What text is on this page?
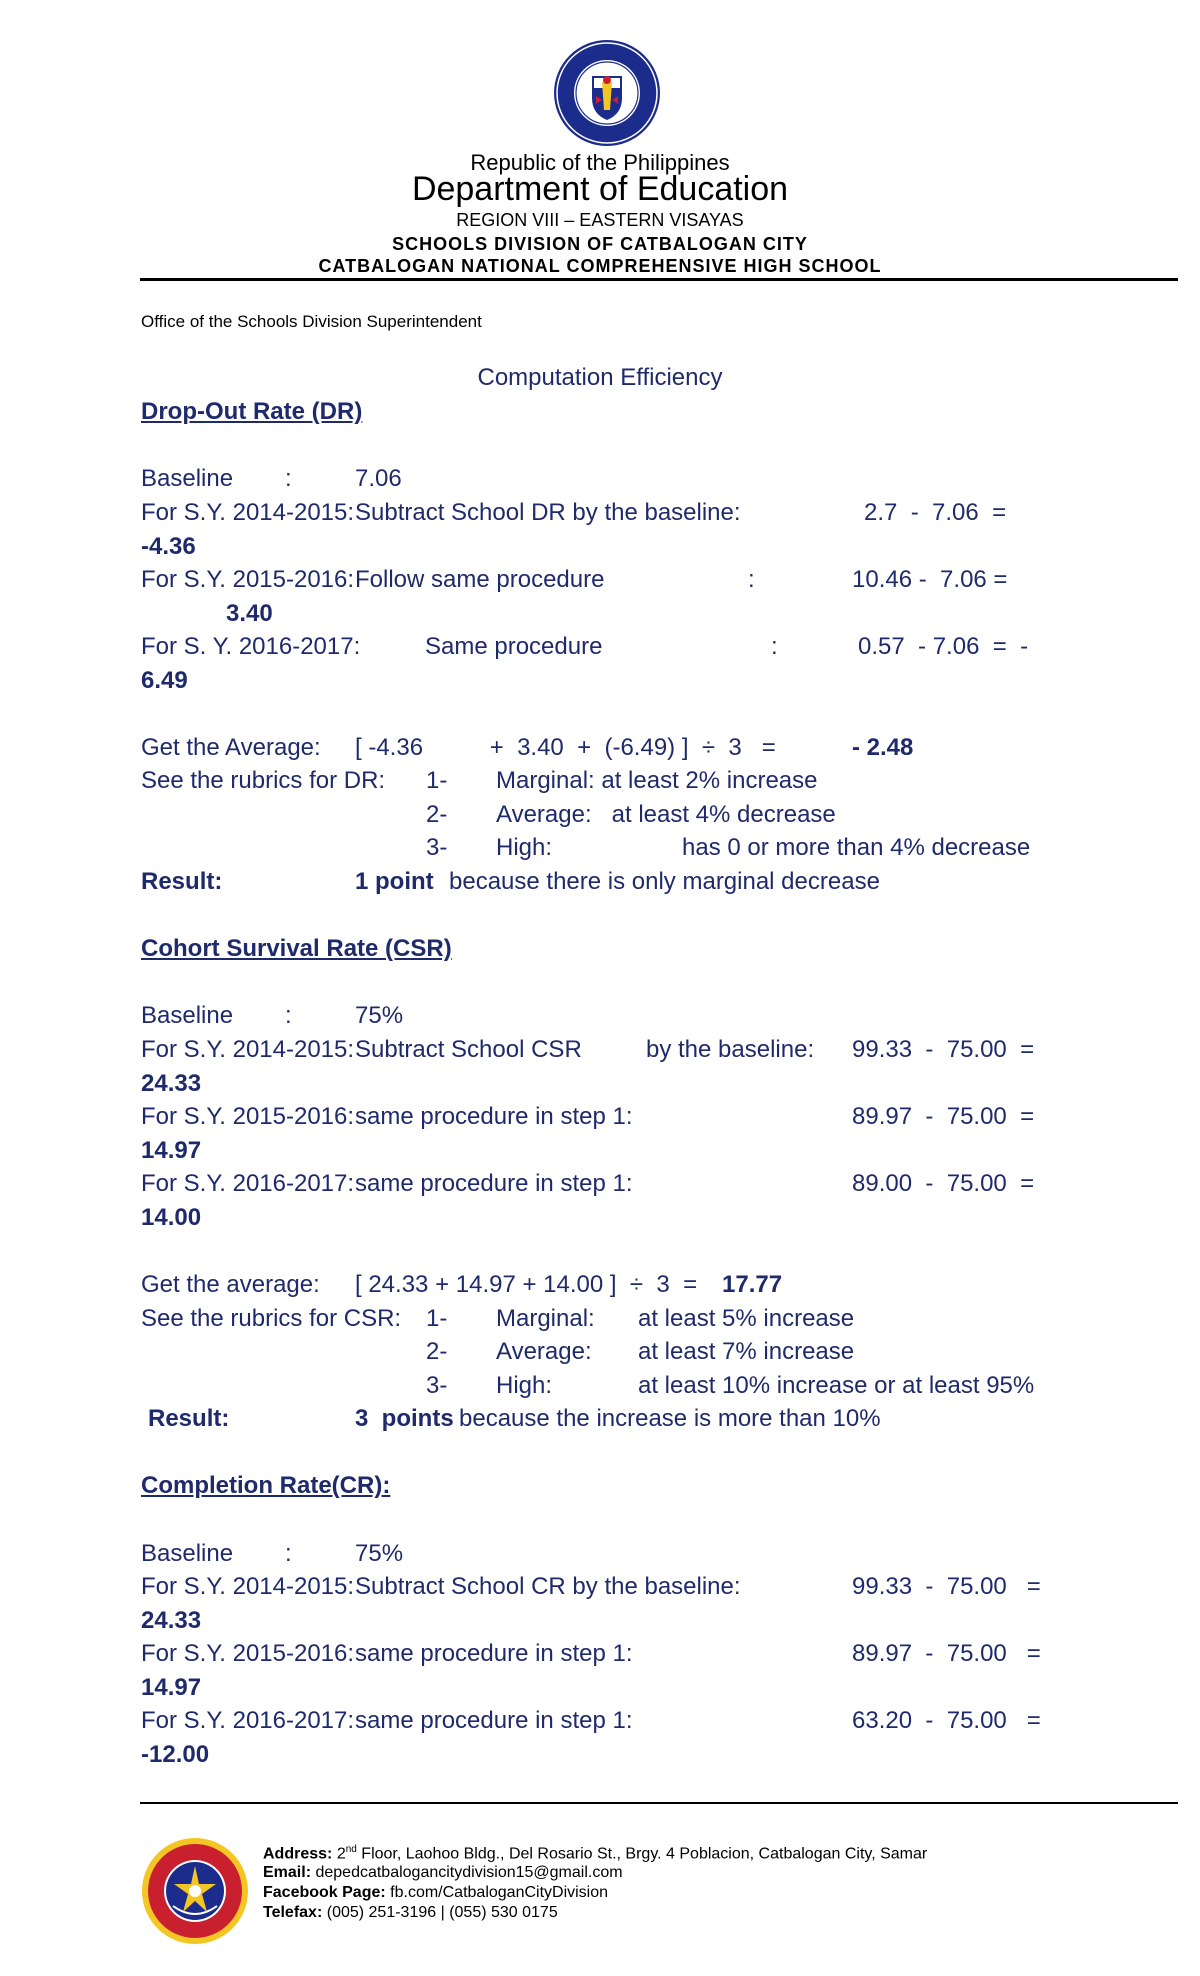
Republic of the Philippines
Department of Education
REGION VIII – EASTERN VISAYAS
SCHOOLS DIVISION OF CATBALOGAN CITY
CATBALOGAN NATIONAL COMPREHENSIVE HIGH SCHOOL
Office of the Schools Division Superintendent
Computation Efficiency
Drop-Out Rate (DR)
Baseline :	7.06
For S.Y. 2014-2015: Subtract School DR by the baseline:	2.7  -  7.06  =
-4.36
For S.Y. 2015-2016: Follow same procedure	:	10.46 -  7.06 =
3.40
For S. Y. 2016-2017:	Same procedure	:	0.57  - 7.06  =  -
6.49
Get the Average: [ -4.36          +  3.40  +  (-6.49) ]  ÷  3   =	- 2.48
See the rubrics for DR: 1- Marginal: at least 2% increase
2- Average:   at least 4% decrease
3- High:	has 0 or more than 4% decrease
Result:	1 point because there is only marginal decrease
Cohort Survival Rate (CSR)
Baseline :	75%
For S.Y. 2014-2015: Subtract School CSR	by the baseline: 99.33  -  75.00  =
24.33
For S.Y. 2015-2016: same procedure in step 1:	89.97  -  75.00  =
14.97
For S.Y. 2016-2017: same procedure in step 1:	89.00  -  75.00  =
14.00
Get the average: [ 24.33 + 14.97 + 14.00 ]  ÷  3  = 17.77
See the rubrics for CSR: 1- Marginal: at least 5% increase
2- Average: at least 7% increase
3- High:	at least 10% increase or at least 95%
Result:	3  points because the increase is more than 10%
Completion Rate(CR):
Baseline :	75%
For S.Y. 2014-2015: Subtract School CR by the baseline:	99.33  -  75.00   =
24.33
For S.Y. 2015-2016: same procedure in step 1:	89.97  -  75.00   =
14.97
For S.Y. 2016-2017: same procedure in step 1:	63.20  -  75.00   =
-12.00
Address: 2nd Floor, Laohoo Bldg., Del Rosario St., Brgy. 4 Poblacion, Catbalogan City, Samar
Email: depedcatbalogancitydivision15@gmail.com
Facebook Page: fb.com/CatbaloganCityDivision
Telefax: (005) 251-3196 | (055) 530 0175
